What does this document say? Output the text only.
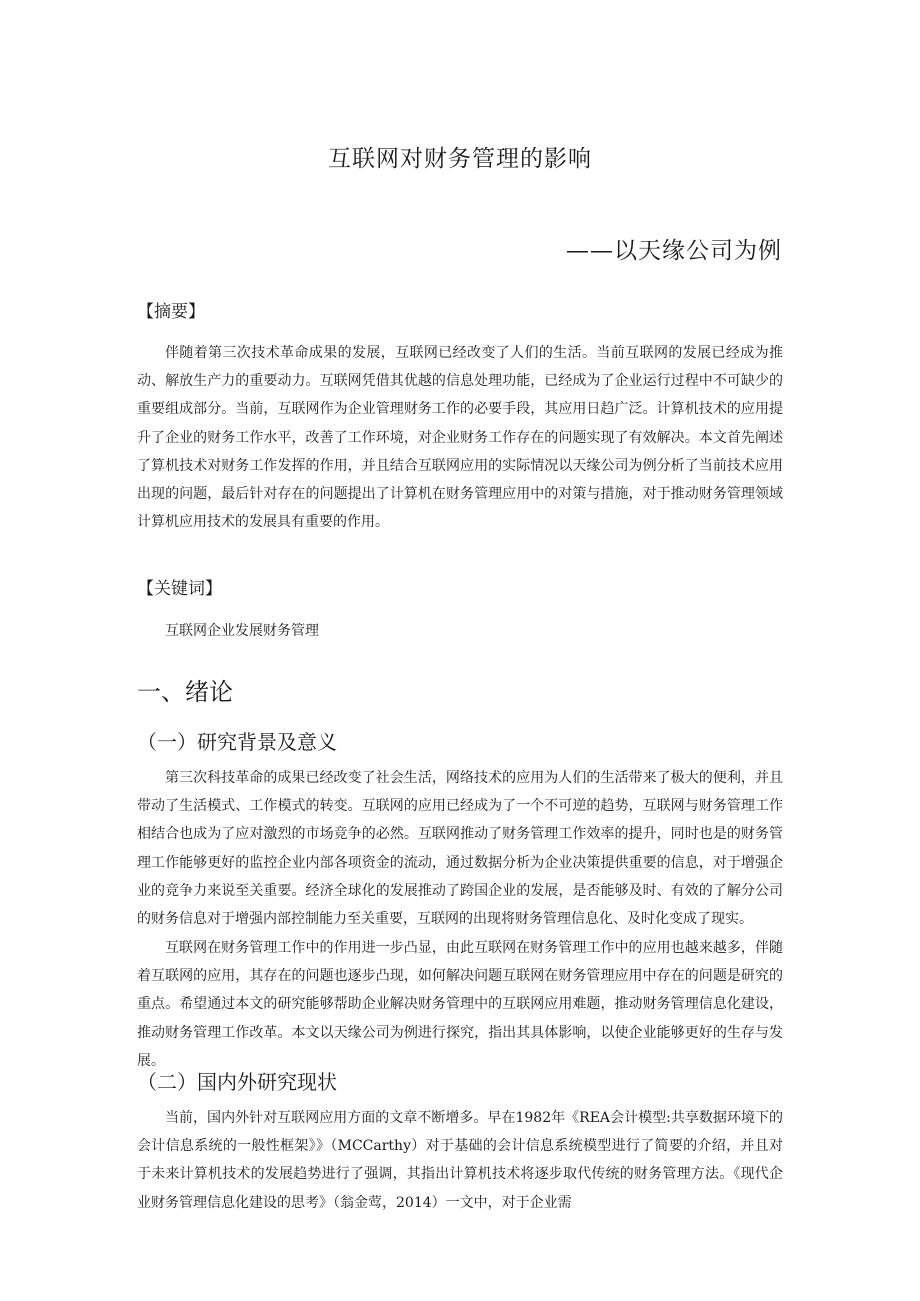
互联网对财务管理的影响
——以天缘公司为例
【摘要】

伴随着第三次技术革命成果的发展，互联网已经改变了人们的生活。当前互联网的发展已经成为推动、解放生产力的重要动力。互联网凭借其优越的信息处理功能，已经成为了企业运行过程中不可缺少的重要组成部分。当前，互联网作为企业管理财务工作的必要手段，其应用日趋广泛。计算机技术的应用提升了企业的财务工作水平，改善了工作环境，对企业财务工作存在的问题实现了有效解决。本文首先阐述了算机技术对财务工作发挥的作用，并且结合互联网应用的实际情况以天缘公司为例分析了当前技术应用出现的问题，最后针对存在的问题提出了计算机在财务管理应用中的对策与措施，对于推动财务管理领域计算机应用技术的发展具有重要的作用。

【关键词】
互联网企业发展财务管理
一、绪论
（一）研究背景及意义

第三次科技革命的成果已经改变了社会生活，网络技术的应用为人们的生活带来了极大的便利，并且带动了生活模式、工作模式的转变。互联网的应用已经成为了一个不可逆的趋势，互联网与财务管理工作相结合也成为了应对激烈的市场竞争的必然。互联网推动了财务管理工作效率的提升，同时也是的财务管理工作能够更好的监控企业内部各项资金的流动，通过数据分析为企业决策提供重要的信息，对于增强企业的竞争力来说至关重要。经济全球化的发展推动了跨国企业的发展，是否能够及时、有效的了解分公司的财务信息对于增强内部控制能力至关重要，互联网的出现将财务管理信息化、及时化变成了现实。

互联网在财务管理工作中的作用进一步凸显，由此互联网在财务管理工作中的应用也越来越多，伴随着互联网的应用，其存在的问题也逐步凸现，如何解决问题互联网在财务管理应用中存在的问题是研究的重点。希望通过本文的研究能够帮助企业解决财务管理中的互联网应用难题，推动财务管理信息化建设，推动财务管理工作改革。本文以天缘公司为例进行探究，指出其具体影响，以使企业能够更好的生存与发展。

（二）国内外研究现状

当前，国内外针对互联网应用方面的文章不断增多。早在1982年《REA会计模型:共享数据环境下的会计信息系统的一般性框架》》（MCCarthy）对于基础的会计信息系统模型进行了简要的介绍，并且对于未来计算机技术的发展趋势进行了强调，其指出计算机技术将逐步取代传统的财务管理方法。《现代企业财务管理信息化建设的思考》（翁金莺，2014）一文中，对于企业需
